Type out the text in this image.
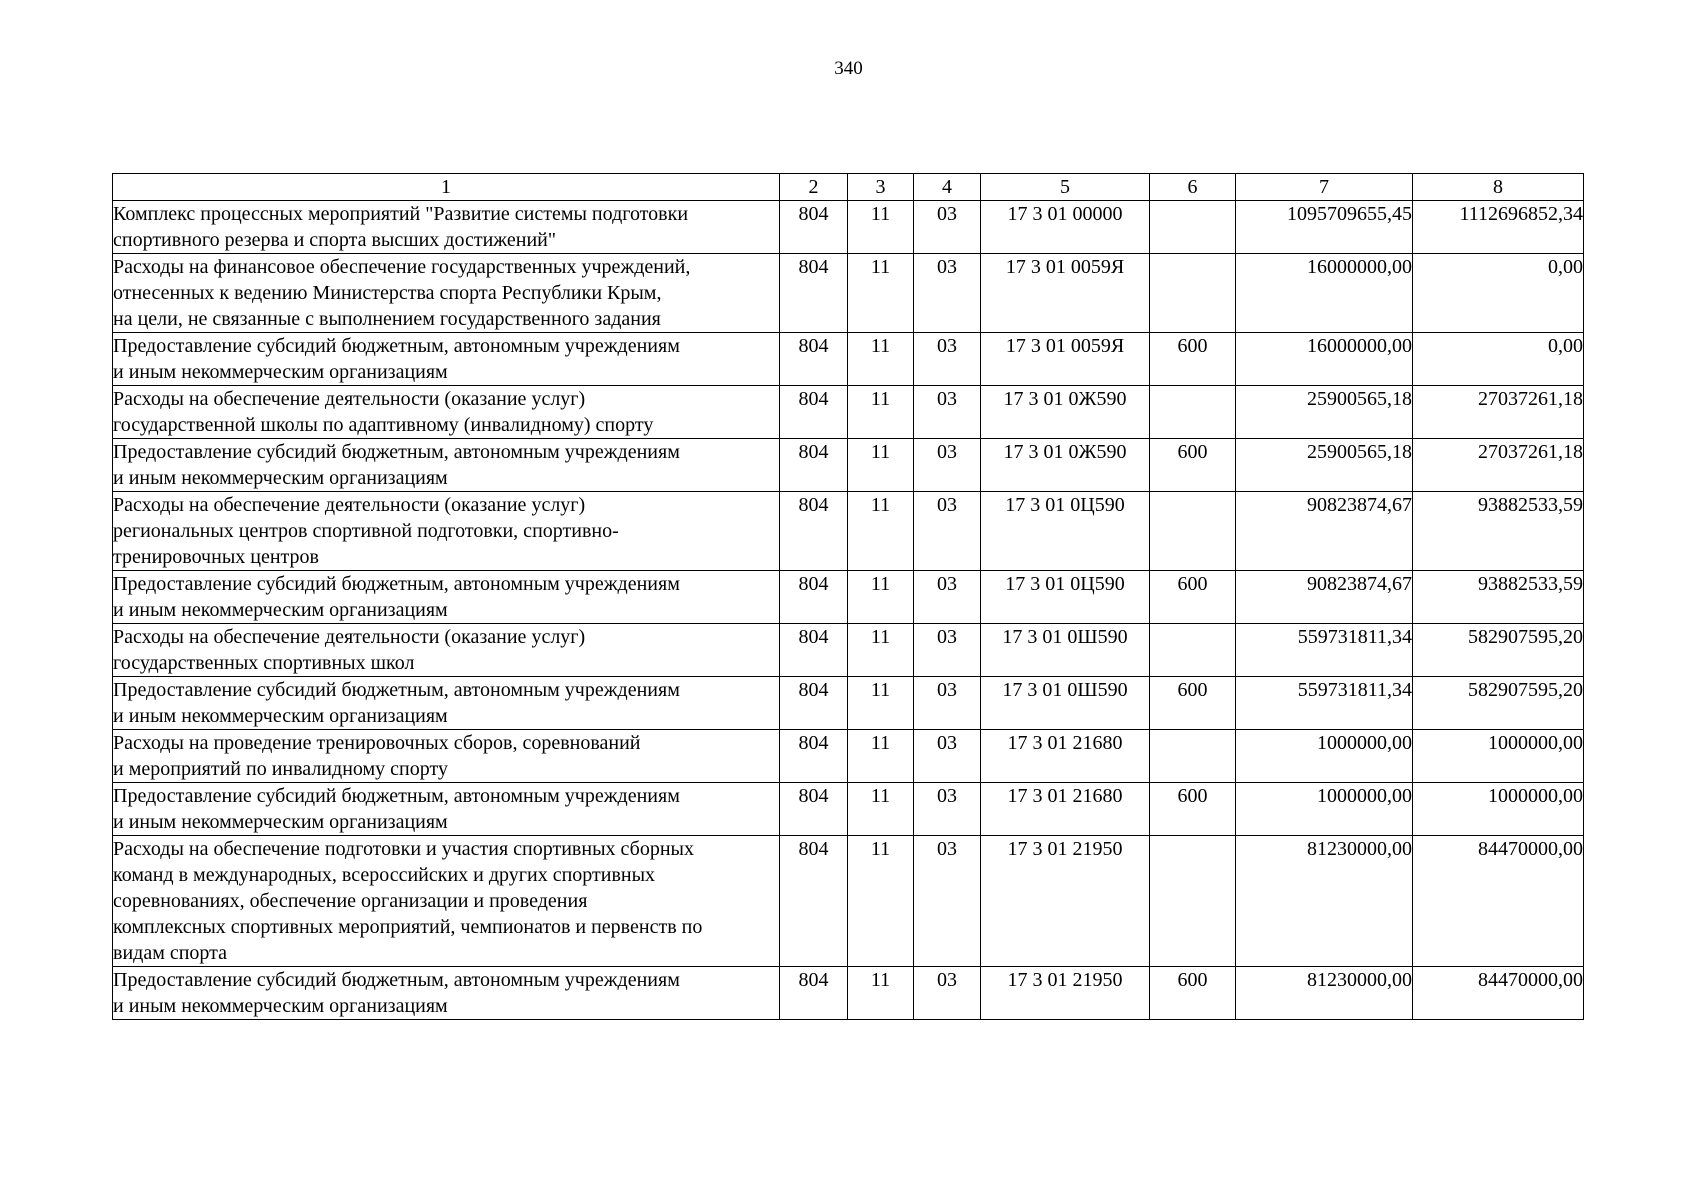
340
1	2	3	4	5	6	7	8
Комплекс процессных мероприятий "Развитие системы подготовки
спортивного резерва и спорта высших достижений"	804	11	03	17 3 01 00000		1095709655,45	1112696852,34
Расходы на финансовое обеспечение государственных учреждений,
отнесенных к ведению Министерства спорта Республики Крым,
на цели, не связанные с выполнением государственного задания	804	11	03	17 3 01 0059Я		16000000,00	0,00
Предоставление субсидий бюджетным, автономным учреждениям
и иным некоммерческим организациям	804	11	03	17 3 01 0059Я	600	16000000,00	0,00
Расходы на обеспечение деятельности (оказание услуг)
государственной школы по адаптивному (инвалидному) спорту	804	11	03	17 3 01 0Ж590		25900565,18	27037261,18
Предоставление субсидий бюджетным, автономным учреждениям
и иным некоммерческим организациям	804	11	03	17 3 01 0Ж590	600	25900565,18	27037261,18
Расходы на обеспечение деятельности (оказание услуг)
региональных центров спортивной подготовки, спортивно-
тренировочных центров	804	11	03	17 3 01 0Ц590		90823874,67	93882533,59
Предоставление субсидий бюджетным, автономным учреждениям
и иным некоммерческим организациям	804	11	03	17 3 01 0Ц590	600	90823874,67	93882533,59
Расходы на обеспечение деятельности (оказание услуг)
государственных спортивных школ	804	11	03	17 3 01 0Ш590		559731811,34	582907595,20
Предоставление субсидий бюджетным, автономным учреждениям
и иным некоммерческим организациям	804	11	03	17 3 01 0Ш590	600	559731811,34	582907595,20
Расходы на проведение тренировочных сборов, соревнований
и мероприятий по инвалидному спорту	804	11	03	17 3 01 21680		1000000,00	1000000,00
Предоставление субсидий бюджетным, автономным учреждениям
и иным некоммерческим организациям	804	11	03	17 3 01 21680	600	1000000,00	1000000,00
Расходы на обеспечение подготовки и участия спортивных сборных
команд в международных, всероссийских и других спортивных
соревнованиях, обеспечение организации и проведения
комплексных спортивных мероприятий, чемпионатов и первенств по
видам спорта	804	11	03	17 3 01 21950		81230000,00	84470000,00
Предоставление субсидий бюджетным, автономным учреждениям
и иным некоммерческим организациям	804	11	03	17 3 01 21950	600	81230000,00	84470000,00
